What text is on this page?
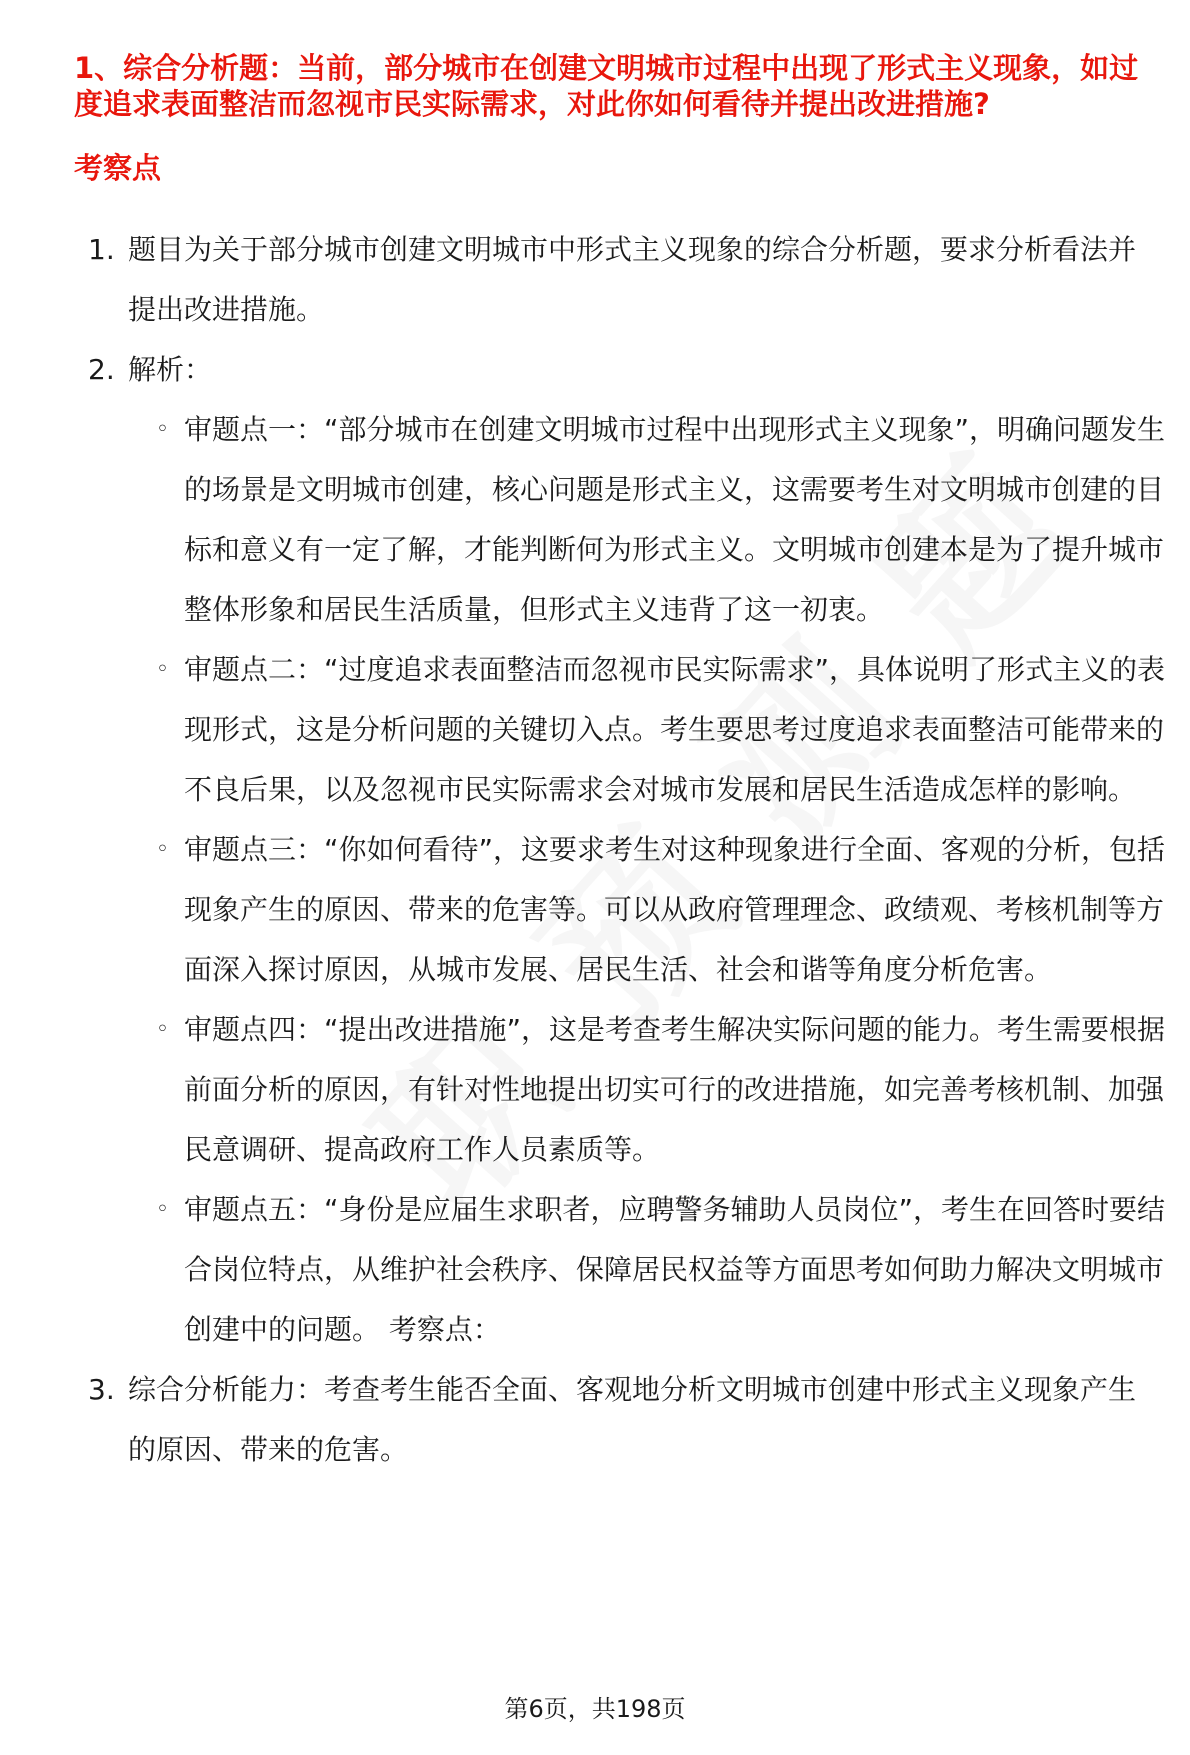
1、综合分析题：当前，部分城市在创建文明城市过程中出现了形式主义现象，如过度追求表面整洁而忽视市民实际需求，对此你如何看待并提出改进措施?
考察点

1. 题目为关于部分城市创建文明城市中形式主义现象的综合分析题，要求分析看法并提出改进措施。

2. 解析：

◦ 审题点一：“部分城市在创建文明城市过程中出现形式主义现象”，明确问题发生的场景是文明城市创建，核心问题是形式主义，这需要考生对文明城市创建的目标和意义有一定了解，才能判断何为形式主义。文明城市创建本是为了提升城市整体形象和居民生活质量，但形式主义违背了这一初衷。

◦ 审题点二：“过度追求表面整洁而忽视市民实际需求”，具体说明了形式主义的表现形式，这是分析问题的关键切入点。考生要思考过度追求表面整洁可能带来的不良后果，以及忽视市民实际需求会对城市发展和居民生活造成怎样的影响。

◦ 审题点三：“你如何看待”，这要求考生对这种现象进行全面、客观的分析，包括现象产生的原因、带来的危害等。可以从政府管理理念、政绩观、考核机制等方面深入探讨原因，从城市发展、居民生活、社会和谐等角度分析危害。

◦ 审题点四：“提出改进措施”，这是考查考生解决实际问题的能力。考生需要根据前面分析的原因，有针对性地提出切实可行的改进措施，如完善考核机制、加强民意调研、提高政府工作人员素质等。

◦ 审题点五：“身份是应届生求职者，应聘警务辅助人员岗位”，考生在回答时要结合岗位特点，从维护社会秩序、保障居民权益等方面思考如何助力解决文明城市创建中的问题。 考察点：

3. 综合分析能力：考查考生能否全面、客观地分析文明城市创建中形式主义现象产生的原因、带来的危害。

第6页，共198页
